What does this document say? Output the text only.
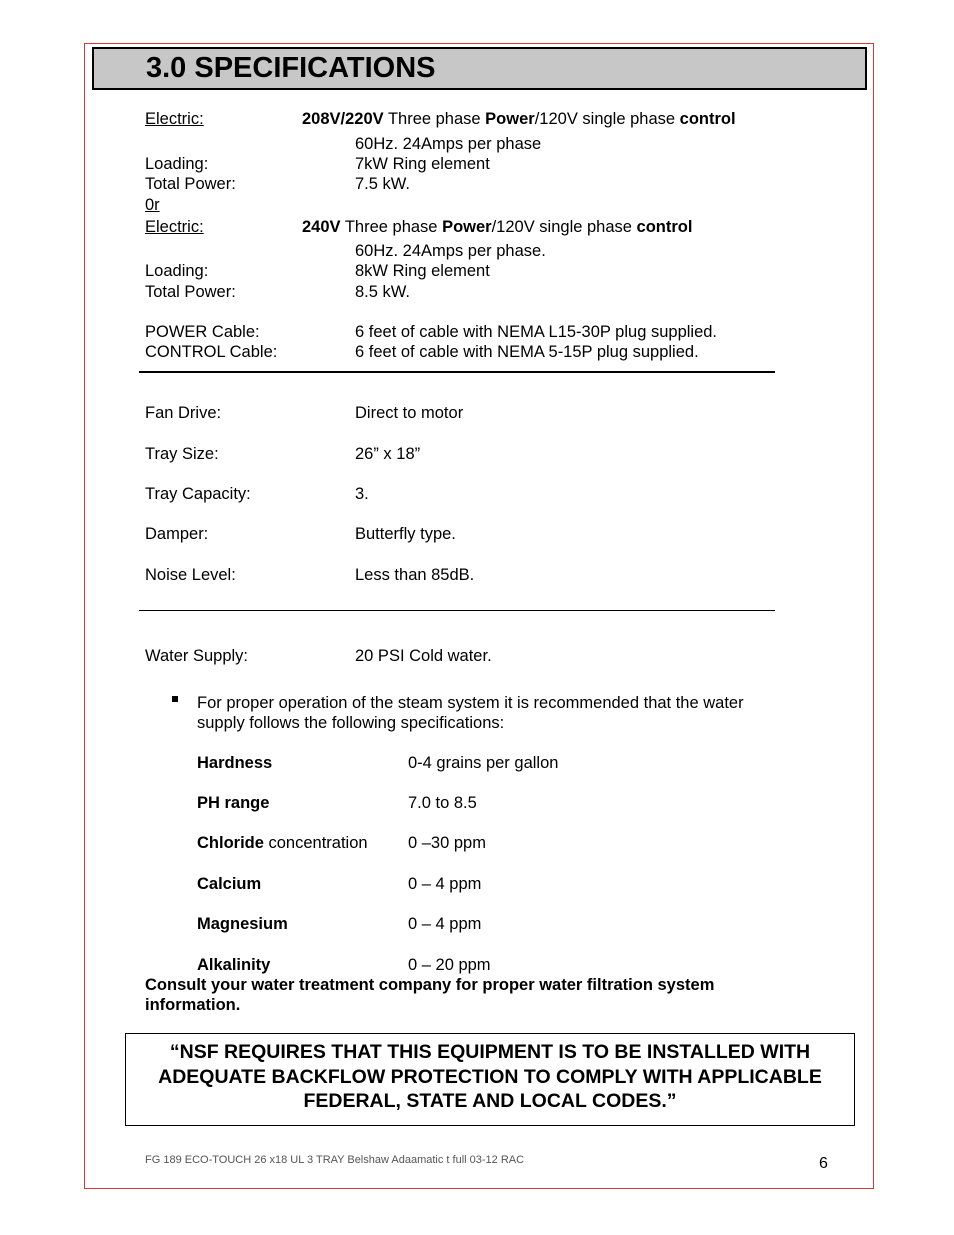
3.0 SPECIFICATIONS
Electric:	208V/220V Three phase Power/120V single phase control
60Hz. 24Amps per phase
Loading:	7kW Ring element
Total Power:	7.5 kW.
0r
Electric:	240V Three phase Power/120V single phase control
60Hz. 24Amps per phase.
Loading:	8kW Ring element
Total Power:	8.5 kW.
POWER Cable:	6 feet of cable with NEMA L15-30P plug supplied.
CONTROL Cable:	6 feet of cable with NEMA 5-15P plug supplied.
Fan Drive:	Direct to motor
Tray Size:	26” x 18”
Tray Capacity:	3.
Damper:	Butterfly type.
Noise Level:	Less than 85dB.
Water Supply:	20 PSI Cold water.
For proper operation of the steam system it is recommended that the water
supply follows the following specifications:
Hardness	0-4 grains per gallon
PH range	7.0 to 8.5
Chloride concentration 0 –30 ppm
Calcium	0 – 4 ppm
Magnesium	0 – 4 ppm
Alkalinity	0 – 20 ppm
Consult your water treatment company for proper water filtration system
information.
“NSF REQUIRES THAT THIS EQUIPMENT IS TO BE INSTALLED WITH
ADEQUATE BACKFLOW PROTECTION TO COMPLY WITH APPLICABLE
FEDERAL, STATE AND LOCAL CODES.”
FG 189 ECO-TOUCH 26 x18 UL 3 TRAY Belshaw Adaamatic t full 03-12 RAC	6
